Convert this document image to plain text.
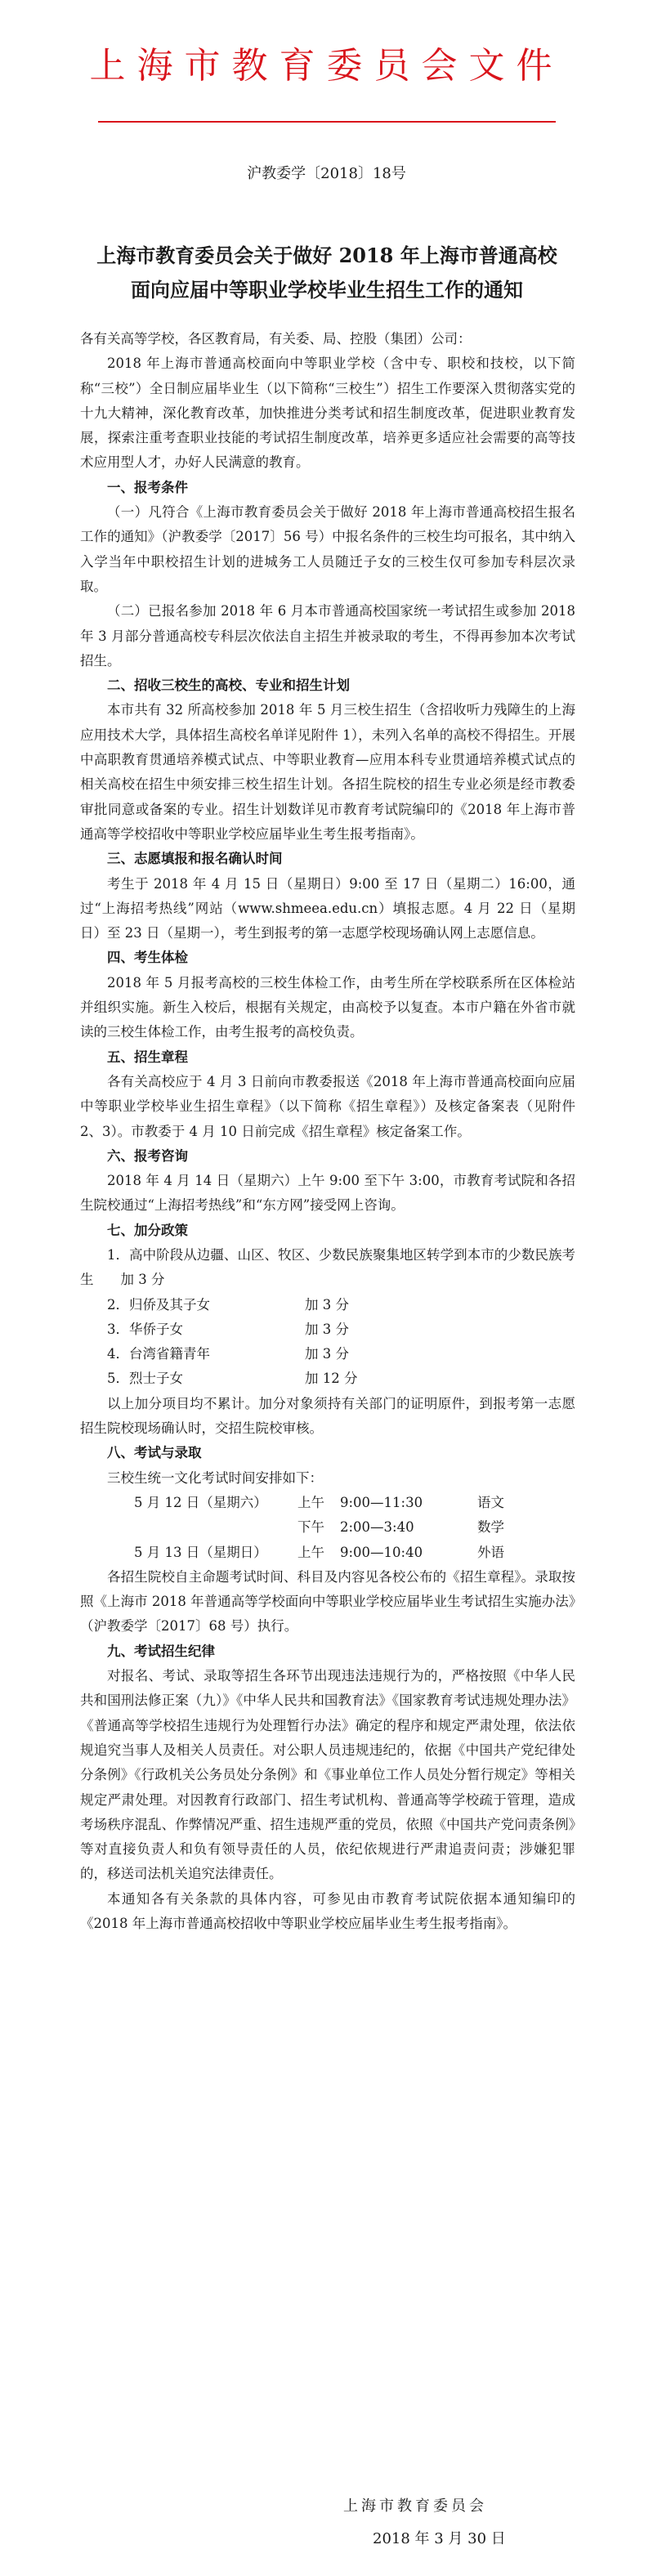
上海市教育委员会文件
沪教委学〔2018〕18号
上海市教育委员会关于做好 2018 年上海市普通高校
面向应届中等职业学校毕业生招生工作的通知

各有关高等学校，各区教育局，有关委、局、控股（集团）公司：

2018 年上海市普通高校面向中等职业学校（含中专、职校和技校，以下简称“三校”）全日制应届毕业生（以下简称“三校生”）招生工作要深入贯彻落实党的十九大精神，深化教育改革，加快推进分类考试和招生制度改革，促进职业教育发展，探索注重考查职业技能的考试招生制度改革，培养更多适应社会需要的高等技术应用型人才，办好人民满意的教育。

一、报考条件

（一）凡符合《上海市教育委员会关于做好 2018 年上海市普通高校招生报名工作的通知》（沪教委学〔2017〕56 号）中报名条件的三校生均可报名，其中纳入入学当年中职校招生计划的进城务工人员随迁子女的三校生仅可参加专科层次录取。

（二）已报名参加 2018 年 6 月本市普通高校国家统一考试招生或参加 2018 年 3 月部分普通高校专科层次依法自主招生并被录取的考生，不得再参加本次考试招生。

二、招收三校生的高校、专业和招生计划

本市共有 32 所高校参加 2018 年 5 月三校生招生（含招收听力残障生的上海应用技术大学，具体招生高校名单详见附件 1），未列入名单的高校不得招生。开展中高职教育贯通培养模式试点、中等职业教育—应用本科专业贯通培养模式试点的相关高校在招生中须安排三校生招生计划。各招生院校的招生专业必须是经市教委审批同意或备案的专业。招生计划数详见市教育考试院编印的《2018 年上海市普通高等学校招收中等职业学校应届毕业生考生报考指南》。

三、志愿填报和报名确认时间

考生于 2018 年 4 月 15 日（星期日）9:00 至 17 日（星期二）16:00，通过“上海招考热线”网站（www.shmeea.edu.cn）填报志愿。4 月 22 日（星期日）至 23 日（星期一），考生到报考的第一志愿学校现场确认网上志愿信息。

四、考生体检

2018 年 5 月报考高校的三校生体检工作，由考生所在学校联系所在区体检站并组织实施。新生入校后，根据有关规定，由高校予以复查。本市户籍在外省市就读的三校生体检工作，由考生报考的高校负责。

五、招生章程

各有关高校应于 4 月 3 日前向市教委报送《2018 年上海市普通高校面向应届中等职业学校毕业生招生章程》（以下简称《招生章程》）及核定备案表（见附件 2、3）。市教委于 4 月 10 日前完成《招生章程》核定备案工作。

六、报考咨询

2018 年 4 月 14 日（星期六）上午 9:00 至下午 3:00，市教育考试院和各招生院校通过“上海招考热线”和“东方网”接受网上咨询。

七、加分政策

1．高中阶段从边疆、山区、牧区、少数民族聚集地区转学到本市的少数民族考生   加 3 分

2．归侨及其子女	加 3 分

3．华侨子女	加 3 分

4．台湾省籍青年	加 3 分

5．烈士子女	加 12 分

以上加分项目均不累计。加分对象须持有关部门的证明原件，到报考第一志愿招生院校现场确认时，交招生院校审核。

八、考试与录取

三校生统一文化考试时间安排如下：

5 月 12 日（星期六） 上午 9:00—11:30	语文

下午 2:00—3:40	数学

5 月 13 日（星期日） 上午 9:00—10:40	外语

各招生院校自主命题考试时间、科目及内容见各校公布的《招生章程》。录取按照《上海市 2018 年普通高等学校面向中等职业学校应届毕业生考试招生实施办法》（沪教委学〔2017〕68 号）执行。

九、考试招生纪律

对报名、考试、录取等招生各环节出现违法违规行为的，严格按照《中华人民共和国刑法修正案（九）》《中华人民共和国教育法》《国家教育考试违规处理办法》《普通高等学校招生违规行为处理暂行办法》确定的程序和规定严肃处理，依法依规追究当事人及相关人员责任。对公职人员违规违纪的，依据《中国共产党纪律处分条例》《行政机关公务员处分条例》和《事业单位工作人员处分暂行规定》等相关规定严肃处理。对因教育行政部门、招生考试机构、普通高等学校疏于管理，造成考场秩序混乱、作弊情况严重、招生违规严重的党员，依照《中国共产党问责条例》等对直接负责人和负有领导责任的人员，依纪依规进行严肃追责问责；涉嫌犯罪的，移送司法机关追究法律责任。

本通知各有关条款的具体内容，可参见由市教育考试院依据本通知编印的《2018 年上海市普通高校招收中等职业学校应届毕业生考生报考指南》。

上海市教育委员会
2018 年 3 月 30 日
